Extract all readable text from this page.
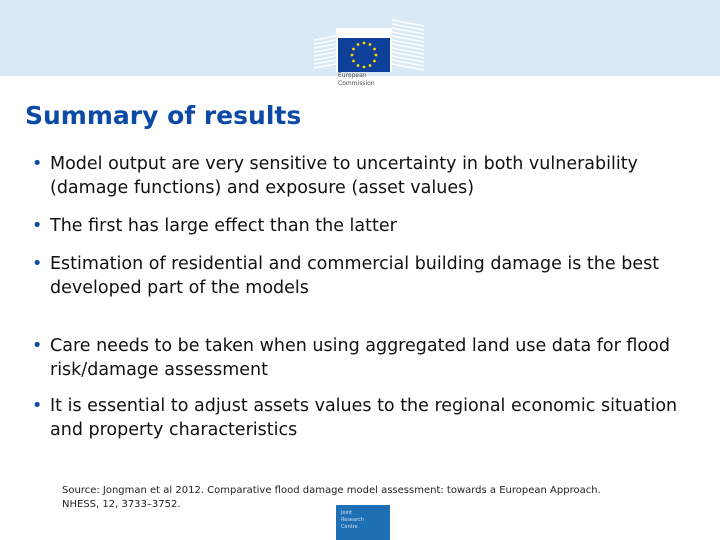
European
Commission
Summary of results
• Model output are very sensitive to uncertainty in both vulnerability (damage functions) and exposure (asset values)
• The first has large effect than the latter
• Estimation of residential and commercial building damage is the best developed part of the models
• Care needs to be taken when using aggregated land use data for flood risk/damage assessment
• It is essential to adjust assets values to the regional economic situation and property characteristics
Source: Jongman et al 2012. Comparative flood damage model assessment: towards a European Approach. NHESS, 12, 3733–3752.
Joint
Research
Centre
